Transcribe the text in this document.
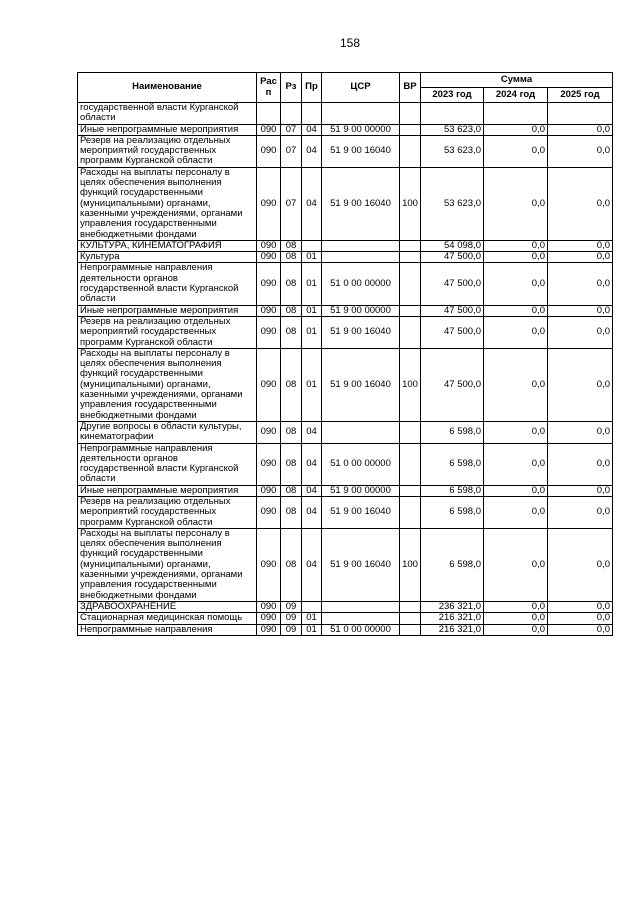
158
Наименование	Рас п	Рз	Пр	ЦСР	ВР	Сумма		
						2023 год	2024 год	2025 год
государственной власти Курганской области								
Иные непрограммные мероприятия	090	07	04	51 9 00 00000		53 623,0	0,0	0,0
Резерв на реализацию отдельных мероприятий государственных программ Курганской области	090	07	04	51 9 00 16040		53 623,0	0,0	0,0
Расходы на выплаты персоналу в целях обеспечения выполнения функций государственными (муниципальными) органами, казенными учреждениями, органами управления государственными внебюджетными фондами	090	07	04	51 9 00 16040	100	53 623,0	0,0	0,0
КУЛЬТУРА, КИНЕМАТОГРАФИЯ	090	08				54 098,0	0,0	0,0
Культура	090	08	01			47 500,0	0,0	0,0
Непрограммные направления деятельности органов государственной власти Курганской области	090	08	01	51 0 00 00000		47 500,0	0,0	0,0
Иные непрограммные мероприятия	090	08	01	51 9 00 00000		47 500,0	0,0	0,0
Резерв на реализацию отдельных мероприятий государственных программ Курганской области	090	08	01	51 9 00 16040		47 500,0	0,0	0,0
Расходы на выплаты персоналу в целях обеспечения выполнения функций государственными (муниципальными) органами, казенными учреждениями, органами управления государственными внебюджетными фондами	090	08	01	51 9 00 16040	100	47 500,0	0,0	0,0
Другие вопросы в области культуры, кинематографии	090	08	04			6 598,0	0,0	0,0
Непрограммные направления деятельности органов государственной власти Курганской области	090	08	04	51 0 00 00000		6 598,0	0,0	0,0
Иные непрограммные мероприятия	090	08	04	51 9 00 00000		6 598,0	0,0	0,0
Резерв на реализацию отдельных мероприятий государственных программ Курганской области	090	08	04	51 9 00 16040		6 598,0	0,0	0,0
Расходы на выплаты персоналу в целях обеспечения выполнения функций государственными (муниципальными) органами, казенными учреждениями, органами управления государственными внебюджетными фондами	090	08	04	51 9 00 16040	100	6 598,0	0,0	0,0
ЗДРАВООХРАНЕНИЕ	090	09				236 321,0	0,0	0,0
Стационарная медицинская помощь	090	09	01			216 321,0	0,0	0,0
Непрограммные направления	090	09	01	51 0 00 00000		216 321,0	0,0	0,0
